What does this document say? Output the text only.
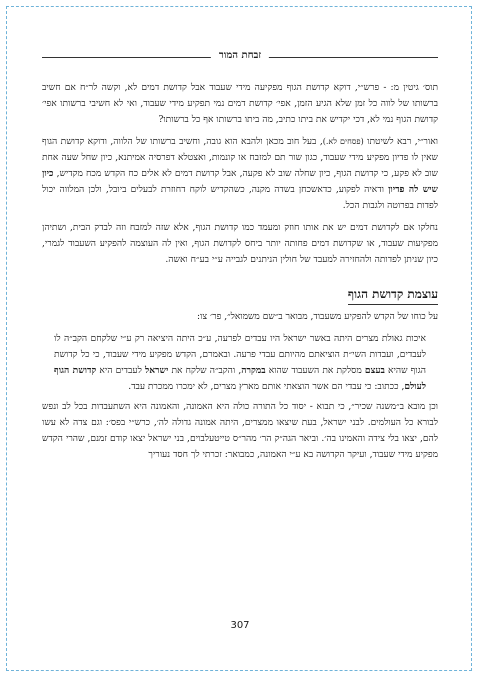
זבחת המור

תוס׳ גיטין מ: - פרש״י, דוקא קדושת הגוף מפקיעה מידי שעבוד אבל קדושת דמים לא, וקשה לר״ח אם חשיב ברשותו של לווה כל זמן שלא הגיע הזמן, אפי׳ קדושת דמים נמי תפקיע מידי שעבוד, ואי לא חשיבי ברשותו אפי׳ קדושת הגוף נמי לא, דכי יקדיש את ביתו כתיב, מה ביתו ברשותו אף כל ברשותו?

ואור״י, רבא לשיטתו (פסחים לא.), בעל חוב מכאן ולהבא הוא גובה, וחשיב ברשותו של הלווה, ודוקא קדושת הגוף שאין לו פדיון מפקיע מידי שעבוד, כגון שור תם למזבח או קונמות, ואצטלא דפרסיה אמיתנא, כיון שחל שעה אחת שוב לא פקע, כי קדושת הגוף, כיון שחלה שוב לא פקעה, אבל קדושת דמים לא אלים כח הקדש מכח מקדיש, כיון שיש לה פדיון ודאיה לפקוע, כדאשכחן בשדה מקנה, כשהקדיש לוקח דחוזרת לבעלים ביובל, ולכן המלווה יכול לפדות בפרוטה ולגבות הכל.

נחלקו אם לקדושת דמים יש את אותו חוזק ומעמד כמו קדושת הגוף, אלא שזה למזבח וזה לבדק הבית, ושתיהן מפקיעות שעבוד, או שקדושת דמים פחותה יותר ביחס לקדושת הגוף, ואין לה העוצמה להפקיע השעבוד לגמרי, כיון שניתן לפדותה ולהחזירה למעבד של חולין הניתנים לגבייה ע״י בע״ח ואשה.

עוצמת קדושת הגוף

על כוחו של הקדש להפקיע משעבוד, מבואר ב״שם משמואל״, פר׳ צו:

איכות גאולת מצרים היתה באשר ישראל היו עבדים לפרעה, ע״כ היתה היציאה רק ע״י שלקחם הקב״ה לו לעבדים, ועבדות השי״ת הוציאתם מהיותם עבדי פרעה. ובאמרם, הקדש מפקיע מידי שעבוד, כי כל קדושת הגוף שהיא בעצם מסלקת את השעבוד שהוא במקרה, והקב״ה שלקח את ישראל לעבדים היא קדושת הגוף לעולם, ככתוב: כי עבדי הם אשר הוצאתי אותם מארץ מצרים, לא ימכרו ממכרת עבד.

וכן מובא ב״משנה שכיר״, כי תבוא - יסוד כל התורה כולה היא האמונה, והאמונה היא השתעבדות בכל לב ונפש לבורא כל העולמים. לבני ישראל, בעת שיצאו ממצרים, היתה אמונה גדולה לה׳, כרש״י בפס׳: וגם צדה לא עשו להם, יצאו בלי צידה והאמינו בה׳. וביאר הגה״ק הר׳ מהר״ס טייטעלבוים, בני ישראל יצאו קודם זמנם, שהרי הקדש מפקיע מידי שעבוד, ועיקר הקדושה בא ע״י האמונה, כמבואר: זכרתי לך חסד נעוריך

307
